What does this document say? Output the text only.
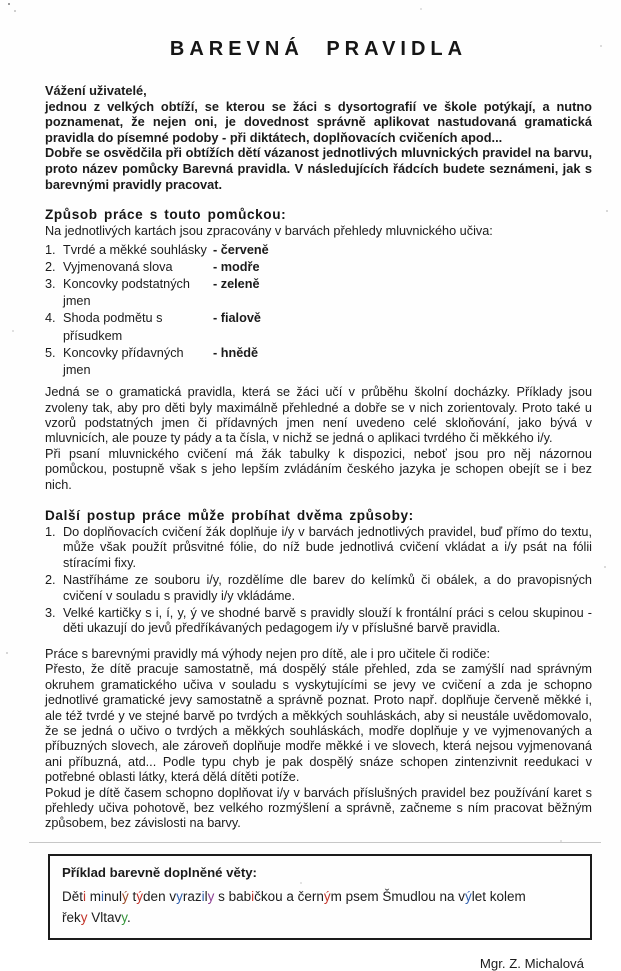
BAREVNÁ PRAVIDLA
Vážení uživatelé,
jednou z velkých obtíží, se kterou se žáci s dysortografií ve škole potýkají, a nutno poznamenat, že nejen oni, je dovednost správně aplikovat nastudovaná gramatická pravidla do písemné podoby - při diktátech, doplňovacích cvičeních apod...
Dobře se osvědčila při obtížích dětí vázanost jednotlivých mluvnických pravidel na barvu, proto název pomůcky Barevná pravidla. V následujících řádcích budete seznámeni, jak s barevnými pravidly pracovat.
Způsob práce s touto pomůckou:
Na jednotlivých kartách jsou zpracovány v barvách přehledy mluvnického učiva:
1. Tvrdé a měkké souhlásky - červeně
2. Vyjmenovaná slova	- modře
3. Koncovky podstatných jmen
- zeleně
4. Shoda podmětu s přísudkem
- fialově
5. Koncovky přídavných jmen
- hnědě
Jedná se o gramatická pravidla, která se žáci učí v průběhu školní docházky. Příklady jsou zvoleny tak, aby pro děti byly maximálně přehledné a dobře se v nich zorientovaly. Proto také u vzorů podstatných jmen či přídavných jmen není uvedeno celé skloňování, jako bývá v mluvnicích, ale pouze ty pády a ta čísla, v nichž se jedná o aplikaci tvrdého či měkkého i/y.
Při psaní mluvnického cvičení má žák tabulky k dispozici, neboť jsou pro něj názornou pomůckou, postupně však s jeho lepším zvládáním českého jazyka je schopen obejít se i bez nich.
Další postup práce může probíhat dvěma způsoby:
1. Do doplňovacích cvičení žák doplňuje i/y v barvách jednotlivých pravidel, buď přímo do textu, může však použít průsvitné fólie, do níž bude jednotlivá cvičení vkládat a i/y psát na fólii stíracími fixy.
2. Nastříháme ze souboru i/y, rozdělíme dle barev do kelímků či obálek, a do pravopisných cvičení v souladu s pravidly i/y vkládáme.
3. Velké kartičky s i, í, y, ý ve shodné barvě s pravidly slouží k frontální práci s celou skupinou - děti ukazují do jevů předříkávaných pedagogem i/y v příslušné barvě pravidla.
Práce s barevnými pravidly má výhody nejen pro dítě, ale i pro učitele či rodiče:
Přesto, že dítě pracuje samostatně, má dospělý stále přehled, zda se zamýšlí nad správným okruhem gramatického učiva v souladu s vyskytujícími se jevy ve cvičení a zda je schopno jednotlivé gramatické jevy samostatně a správně poznat. Proto např. doplňuje červeně měkké i, ale též tvrdé y ve stejné barvě po tvrdých a měkkých souhláskách, aby si neustále uvědomovalo, že se jedná o učivo o tvrdých a měkkých souhláskách, modře doplňuje y ve vyjmenovaných a příbuzných slovech, ale zároveň doplňuje modře měkké i ve slovech, která nejsou vyjmenovaná ani příbuzná, atd... Podle typu chyb je pak dospělý snáze schopen zintenzivnit reedukaci v potřebné oblasti látky, která dělá dítěti potíže.
Pokud je dítě časem schopno doplňovat i/y v barvách příslušných pravidel bez používání karet s přehledy učiva pohotově, bez velkého rozmýšlení a správně, začneme s ním pracovat běžným způsobem, bez závislosti na barvy.
Příklad barevně doplněné věty:
Děti minulý týden vyrazily s babičkou a černým psem Šmudlou na výlet kolem
řeky Vltavy.
Mgr. Z. Michalová
